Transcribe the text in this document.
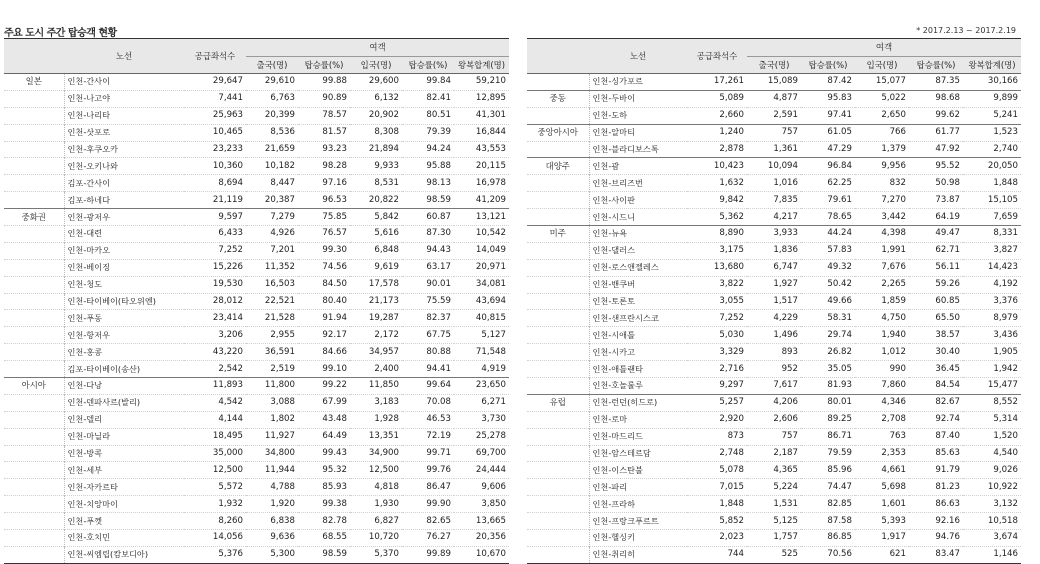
주요 도시 주간 탑승객 현황	* 2017.2.13 ~ 2017.2.19
	노선	공급좌석수	여객				
			출국(명)	탑승률(%)	입국(명)	탑승률(%)	왕복합계(명)
일본	인천-간사이	29,647	29,610	99.88	29,600	99.84	59,210
	인천-나고야	7,441	6,763	90.89	6,132	82.41	12,895
	인천-나리타	25,963	20,399	78.57	20,902	80.51	41,301
	인천-삿포로	10,465	8,536	81.57	8,308	79.39	16,844
	인천-후쿠오카	23,233	21,659	93.23	21,894	94.24	43,553
	인천-오키나와	10,360	10,182	98.28	9,933	95.88	20,115
	김포-간사이	8,694	8,447	97.16	8,531	98.13	16,978
	김포-하네다	21,119	20,387	96.53	20,822	98.59	41,209
중화권	인천-광저우	9,597	7,279	75.85	5,842	60.87	13,121
	인천-대련	6,433	4,926	76.57	5,616	87.30	10,542
	인천-마카오	7,252	7,201	99.30	6,848	94.43	14,049
	인천-베이징	15,226	11,352	74.56	9,619	63.17	20,971
	인천-청도	19,530	16,503	84.50	17,578	90.01	34,081
	인천-타이베이(타오위엔)	28,012	22,521	80.40	21,173	75.59	43,694
	인천-푸동	23,414	21,528	91.94	19,287	82.37	40,815
	인천-항저우	3,206	2,955	92.17	2,172	67.75	5,127
	인천-홍콩	43,220	36,591	84.66	34,957	80.88	71,548
	김포-타이베이(송산)	2,542	2,519	99.10	2,400	94.41	4,919
아시아	인천-다낭	11,893	11,800	99.22	11,850	99.64	23,650
	인천-덴파사르(발리)	4,542	3,088	67.99	3,183	70.08	6,271
	인천-델리	4,144	1,802	43.48	1,928	46.53	3,730
	인천-마닐라	18,495	11,927	64.49	13,351	72.19	25,278
	인천-방콕	35,000	34,800	99.43	34,900	99.71	69,700
	인천-세부	12,500	11,944	95.32	12,500	99.76	24,444
	인천-자카르타	5,572	4,788	85.93	4,818	86.47	9,606
	인천-치앙마이	1,932	1,920	99.38	1,930	99.90	3,850
	인천-푸껫	8,260	6,838	82.78	6,827	82.65	13,665
	인천-호치민	14,056	9,636	68.55	10,720	76.27	20,356
	인천-씨엠립(캄보디아)	5,376	5,300	98.59	5,370	99.89	10,670
	노선	공급좌석수	여객				
			출국(명)	탑승률(%)	입국(명)	탑승률(%)	왕복합계(명)
	인천-싱가포르	17,261	15,089	87.42	15,077	87.35	30,166
중동	인천-두바이	5,089	4,877	95.83	5,022	98.68	9,899
	인천-도하	2,660	2,591	97.41	2,650	99.62	5,241
중앙아시아	인천-알마티	1,240	757	61.05	766	61.77	1,523
	인천-블라디보스톡	2,878	1,361	47.29	1,379	47.92	2,740
대양주	인천-괌	10,423	10,094	96.84	9,956	95.52	20,050
	인천-브리즈번	1,632	1,016	62.25	832	50.98	1,848
	인천-사이판	9,842	7,835	79.61	7,270	73.87	15,105
	인천-시드니	5,362	4,217	78.65	3,442	64.19	7,659
미주	인천-뉴욕	8,890	3,933	44.24	4,398	49.47	8,331
	인천-댈러스	3,175	1,836	57.83	1,991	62.71	3,827
	인천-로스앤젤레스	13,680	6,747	49.32	7,676	56.11	14,423
	인천-밴쿠버	3,822	1,927	50.42	2,265	59.26	4,192
	인천-토론토	3,055	1,517	49.66	1,859	60.85	3,376
	인천-샌프란시스코	7,252	4,229	58.31	4,750	65.50	8,979
	인천-시애틀	5,030	1,496	29.74	1,940	38.57	3,436
	인천-시카고	3,329	893	26.82	1,012	30.40	1,905
	인천-애틀랜타	2,716	952	35.05	990	36.45	1,942
	인천-호놀룰루	9,297	7,617	81.93	7,860	84.54	15,477
유럽	인천-런던(히드로)	5,257	4,206	80.01	4,346	82.67	8,552
	인천-로마	2,920	2,606	89.25	2,708	92.74	5,314
	인천-마드리드	873	757	86.71	763	87.40	1,520
	인천-암스테르담	2,748	2,187	79.59	2,353	85.63	4,540
	인천-이스탄불	5,078	4,365	85.96	4,661	91.79	9,026
	인천-파리	7,015	5,224	74.47	5,698	81.23	10,922
	인천-프라하	1,848	1,531	82.85	1,601	86.63	3,132
	인천-프랑크푸르트	5,852	5,125	87.58	5,393	92.16	10,518
	인천-헬싱키	2,023	1,757	86.85	1,917	94.76	3,674
	인천-취리히	744	525	70.56	621	83.47	1,146
